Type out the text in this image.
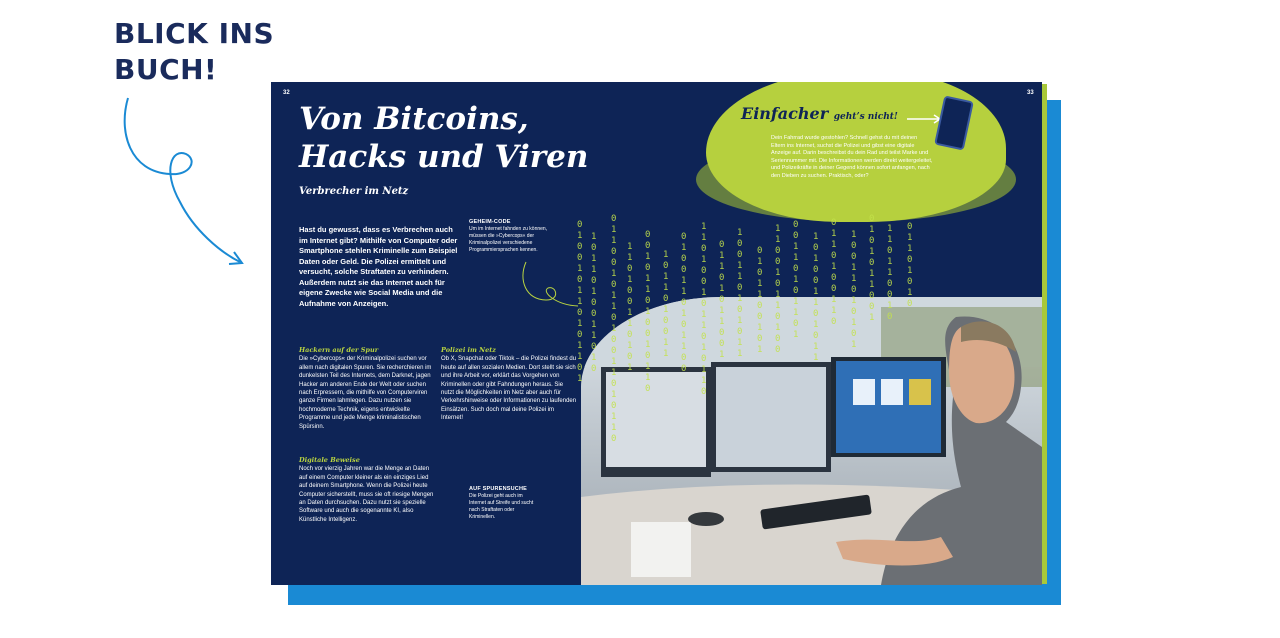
BLICK INS
BUCH!
32
Von Bitcoins,
Hacks und Viren
Verbrecher im Netz
Hast du gewusst, dass es Verbrechen auch im Internet gibt? Mithilfe von Computer oder Smartphone stehlen Kriminelle zum Beispiel Daten oder Geld. Die Polizei ermittelt und versucht, solche Straftaten zu verhindern. Außerdem nutzt sie das Internet auch für eigene Zwecke wie Social Media und die Aufnahme von Anzeigen.
GEHEIM-CODE
Um im Internet fahnden zu können, müssen die »Cybercops« der Kriminalpolizei verschiedene Programmiersprachen kennen.
Hackern auf der Spur
Die »Cybercops« der Kriminalpolizei suchen vor allem nach digitalen Spuren. Sie recherchieren im dunkelsten Teil des Internets, dem Darknet, jagen Hacker am anderen Ende der Welt oder suchen nach Erpressern, die mithilfe von Computerviren ganze Firmen lahmlegen. Dazu nutzen sie hochmoderne Technik, eigens entwickelte Programme und jede Menge kriminalistischen Spürsinn.
Digitale Beweise
Noch vor vierzig Jahren war die Menge an Daten auf einem Computer kleiner als ein einziges Lied auf deinem Smartphone. Wenn die Polizei heute Computer sicherstellt, muss sie oft riesige Mengen an Daten durchsuchen. Dazu nutzt sie spezielle Software und auch die sogenannte KI, also Künstliche Intelligenz.
Polizei im Netz
Ob X, Snapchat oder Tiktok – die Polizei findest du heute auf allen sozialen Medien. Dort stellt sie sich und ihre Arbeit vor, erklärt das Vorgehen von Kriminellen oder gibt Fahndungen heraus. Sie nutzt die Möglichkeiten im Netz aber auch für Verkehrshinweise oder Informationen zu laufenden Einsätzen. Such doch mal deine Polizei im Internet!
AUF SPURENSUCHE
Die Polizei geht auch im Internet auf Streife und sucht nach Straftaten oder Kriminellen.
Einfacher geht’s nicht!
Dein Fahrrad wurde gestohlen? Schnell gehst du mit deinen Eltern ins Internet, suchst die Polizei und gibst eine digitale Anzeige auf. Darin beschreibst du dein Rad und teilst Marke und Seriennummer mit. Die Informationen werden direkt weitergeleitet, und Polizeikräfte in deiner Gegend können sofort anfangen, nach den Dieben zu suchen. Praktisch, oder?
33
0
1
0
0
1
0
1
1
0
1
0
1
1
0
1
1
0
1
1
0
1
0
0
1
1
0
1
0
0
1
1
0
0
1
0
1
1
0
1
0
0
1
1
0
1
0
1
1
0
1
1
0
1
0
0
1
1
0
1
0
1
0
0
1
0
1
1
0
1
0
0
1
0
1
1
0
1
0
1
1
0
1
0
0
1
1
0
1
0
0
1
1
0
1
0
1
1
0
0
1
1
0
1
0
0
1
0
1
1
0
1
0
1
1
0
0
1
1
0
1
0
1
1
0
0
1
1
0
0
1
1
0
1
0
1
0
1
1
0
1
0
1
1
0
0
1
0
1
1
1
0
0
1
0
1
1
0
1
0
0
0
0
1
1
0
1
0
1
1
0
1
1
0
1
0
0
1
1
0
1
0
1
1
0
1
1
0
1
0
0
1
1
0
1
0
0
1
1
0
1
0
1
0
1
0
1
0
1
0
1
1
0
0
1
1
1
0
1
1
0
0
1
0
0
1
1
0
1
0
1
0
